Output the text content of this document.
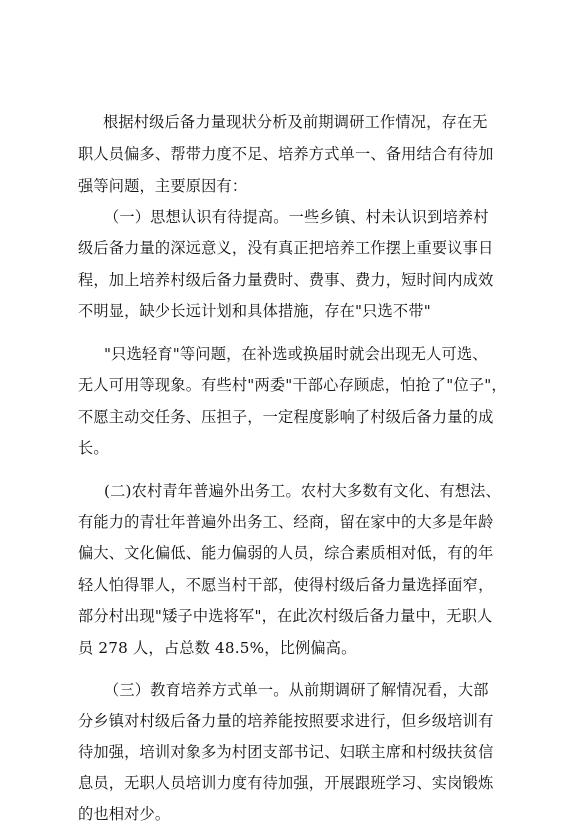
根据村级后备力量现状分析及前期调研工作情况，存在无
职人员偏多、帮带力度不足、培养方式单一、备用结合有待加
强等问题，主要原因有：
（一）思想认识有待提高。一些乡镇、村未认识到培养村
级后备力量的深远意义，没有真正把培养工作摆上重要议事日
程，加上培养村级后备力量费时、费事、费力，短时间内成效
不明显，缺少长远计划和具体措施，存在"只选不带"
"只选轻育"等问题，在补选或换届时就会出现无人可选、
无人可用等现象。有些村"两委"干部心存顾虑，怕抢了"位子"，
不愿主动交任务、压担子，一定程度影响了村级后备力量的成
长。
(二)农村青年普遍外出务工。农村大多数有文化、有想法、
有能力的青壮年普遍外出务工、经商，留在家中的大多是年龄
偏大、文化偏低、能力偏弱的人员，综合素质相对低，有的年
轻人怕得罪人，不愿当村干部，使得村级后备力量选择面窄，
部分村出现"矮子中选将军"，在此次村级后备力量中，无职人
员 278 人，占总数 48.5%，比例偏高。
（三）教育培养方式单一。从前期调研了解情况看，大部
分乡镇对村级后备力量的培养能按照要求进行，但乡级培训有
待加强，培训对象多为村团支部书记、妇联主席和村级扶贫信
息员，无职人员培训力度有待加强，开展跟班学习、实岗锻炼
的也相对少。
